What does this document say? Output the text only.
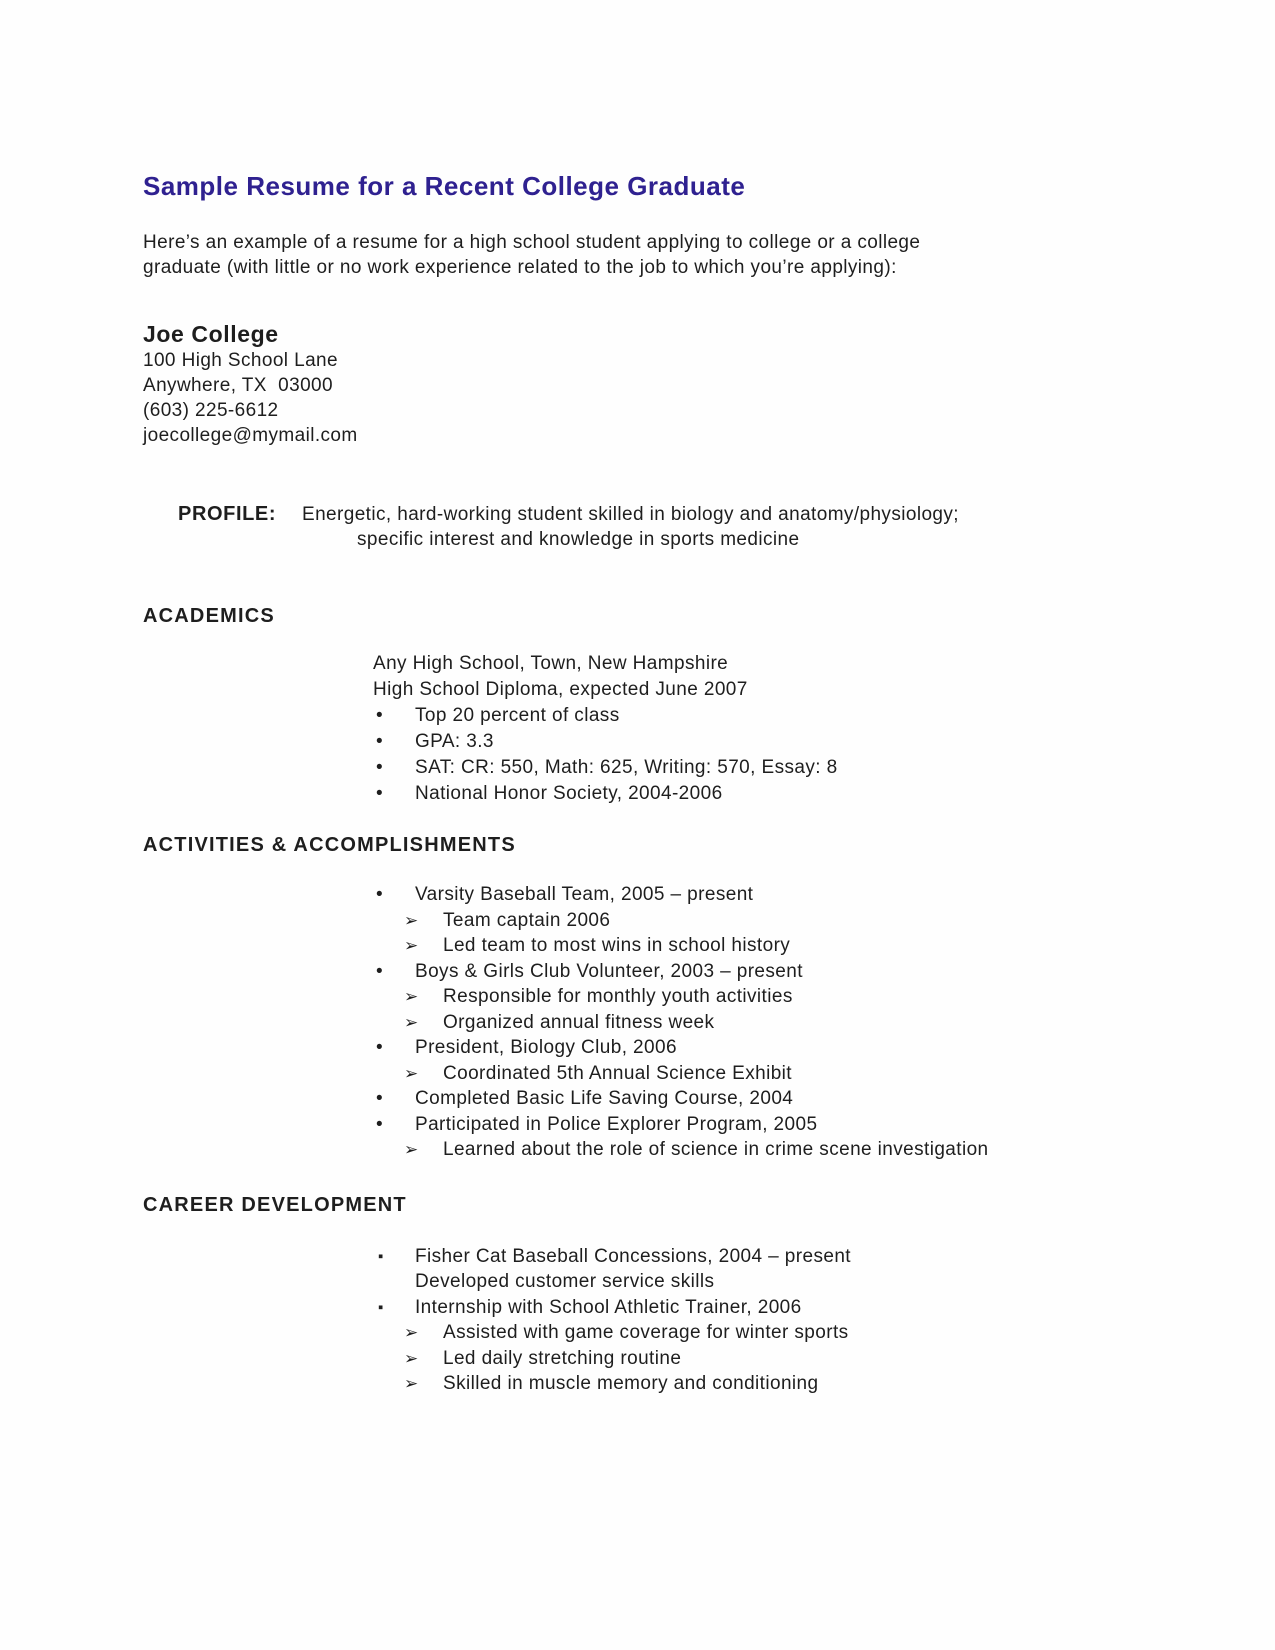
Sample Resume for a Recent College Graduate
Here’s an example of a resume for a high school student applying to college or a college
graduate (with little or no work experience related to the job to which you’re applying):
Joe College
100 High School Lane
Anywhere, TX  03000
(603) 225-6612
joecollege@mymail.com
PROFILE:	Energetic, hard-working student skilled in biology and anatomy/physiology;
specific interest and knowledge in sports medicine
ACADEMICS
Any High School, Town, New Hampshire
High School Diploma, expected June 2007
•	Top 20 percent of class
•	GPA: 3.3
•	SAT: CR: 550, Math: 625, Writing: 570, Essay: 8
•	National Honor Society, 2004-2006
ACTIVITIES & ACCOMPLISHMENTS
•	Varsity Baseball Team, 2005 – present
➢	Team captain 2006
➢	Led team to most wins in school history
•	Boys & Girls Club Volunteer, 2003 – present
➢	Responsible for monthly youth activities
➢	Organized annual fitness week
•	President, Biology Club, 2006
➢	Coordinated 5th Annual Science Exhibit
•	Completed Basic Life Saving Course, 2004
•	Participated in Police Explorer Program, 2005
➢	Learned about the role of science in crime scene investigation
CAREER DEVELOPMENT
▪	Fisher Cat Baseball Concessions, 2004 – present
Developed customer service skills
▪	Internship with School Athletic Trainer, 2006
➢	Assisted with game coverage for winter sports
➢	Led daily stretching routine
➢	Skilled in muscle memory and conditioning
